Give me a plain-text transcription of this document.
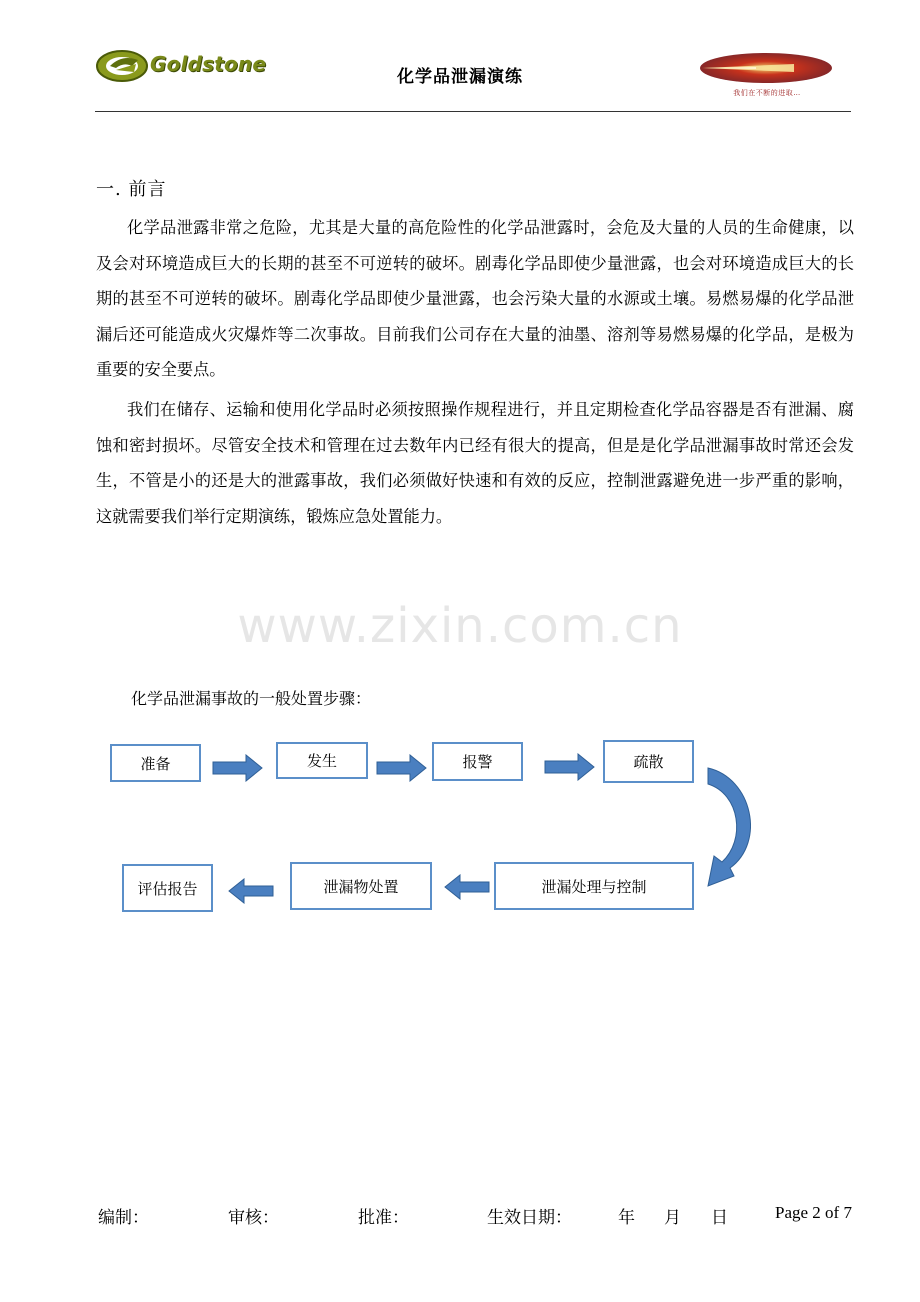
Goldstone
化学品泄漏演练
我们在不断的进取…
一. 前言
化学品泄露非常之危险，尤其是大量的高危险性的化学品泄露时，会危及大量的人员的生命健康，以及会对环境造成巨大的长期的甚至不可逆转的破坏。剧毒化学品即使少量泄露，也会对环境造成巨大的长期的甚至不可逆转的破坏。剧毒化学品即使少量泄露，也会污染大量的水源或土壤。易燃易爆的化学品泄漏后还可能造成火灾爆炸等二次事故。目前我们公司存在大量的油墨、溶剂等易燃易爆的化学品，是极为重要的安全要点。
我们在储存、运输和使用化学品时必须按照操作规程进行，并且定期检查化学品容器是否有泄漏、腐蚀和密封损坏。尽管安全技术和管理在过去数年内已经有很大的提高，但是是化学品泄漏事故时常还会发生，不管是小的还是大的泄露事故，我们必须做好快速和有效的反应，控制泄露避免进一步严重的影响，这就需要我们举行定期演练，锻炼应急处置能力。
www.zixin.com.cn
化学品泄漏事故的一般处置步骤：
准备	发生	报警	疏散
泄漏处理与控制
泄漏物处置
评估报告
编制：	审核：	批准：	生效日期：	年 月 日	Page 2 of 7
